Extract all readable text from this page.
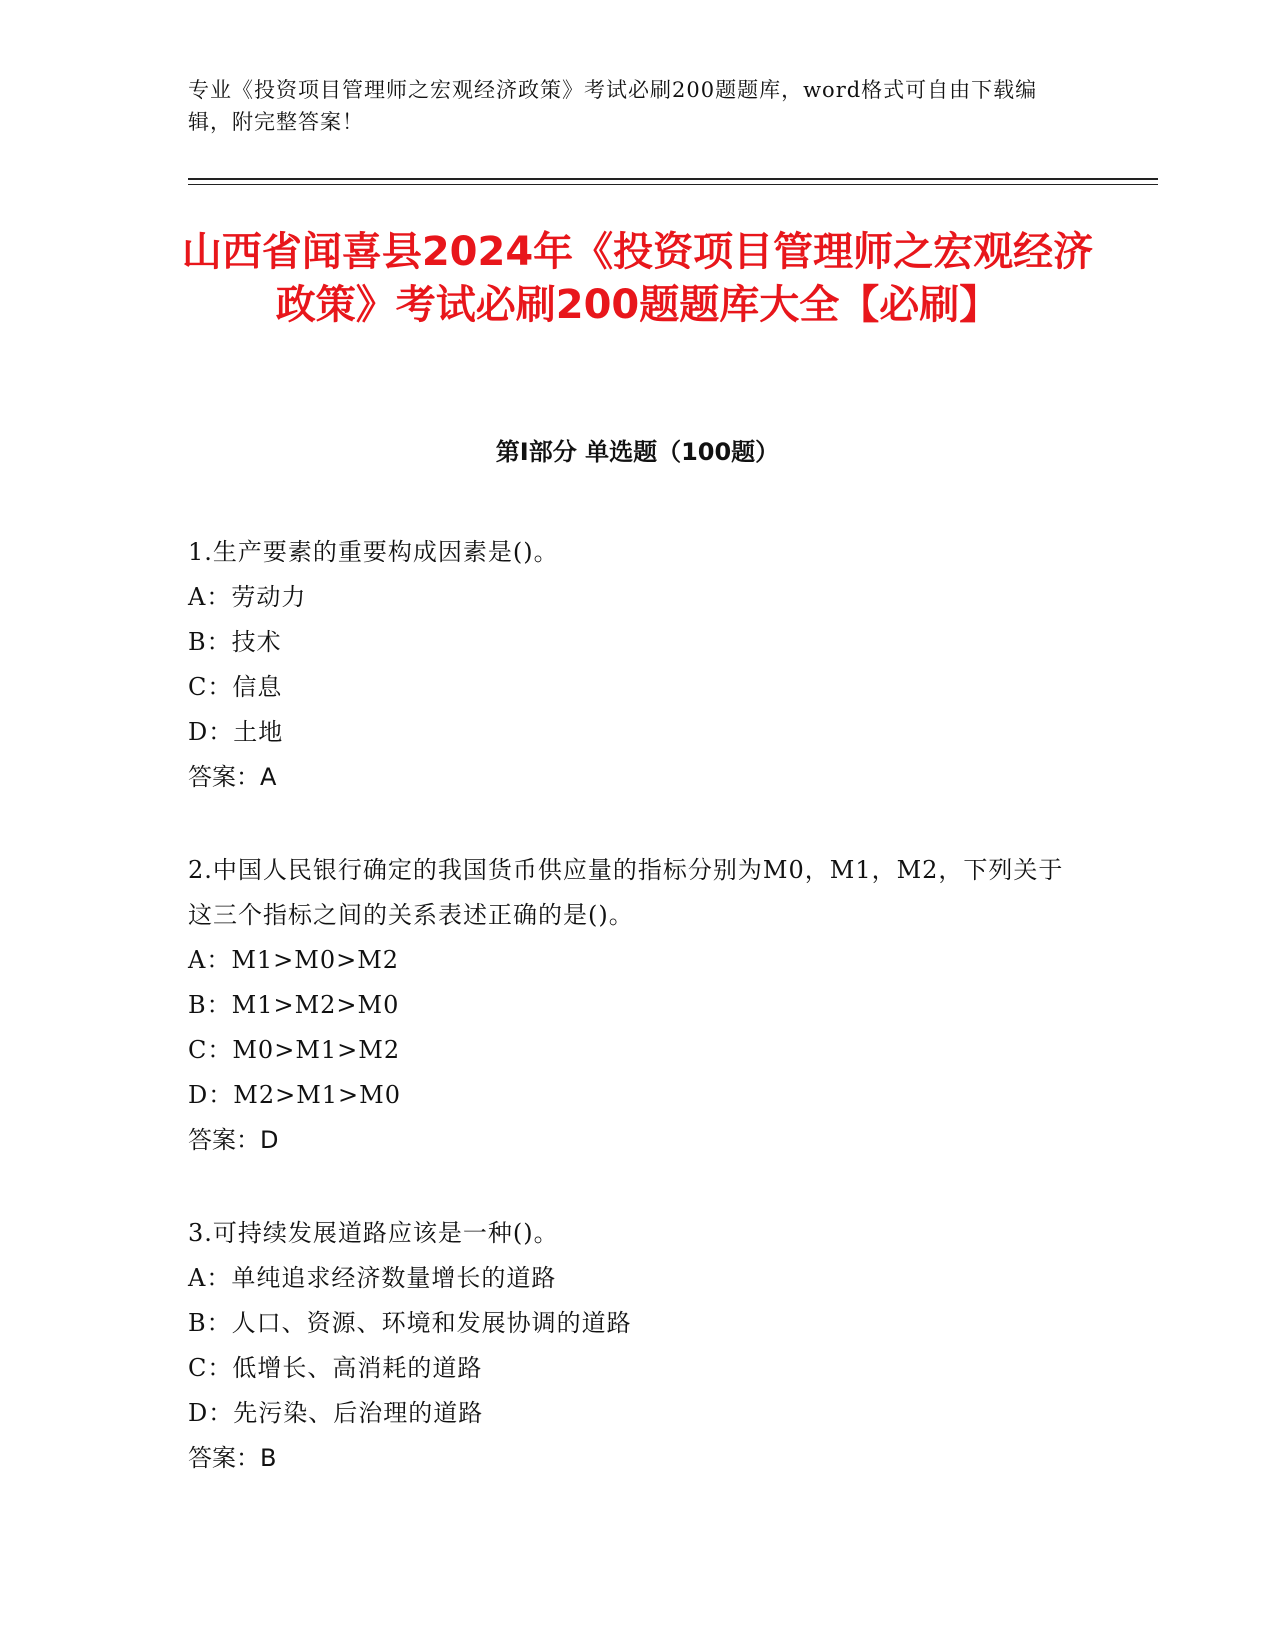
专业《投资项目管理师之宏观经济政策》考试必刷200题题库，word格式可自由下载编辑，附完整答案！
山西省闻喜县2024年《投资项目管理师之宏观经济政策》考试必刷200题题库大全【必刷】
第I部分 单选题（100题）
1.生产要素的重要构成因素是()。
A：劳动力
B：技术
C：信息
D：土地
答案：A
2.中国人民银行确定的我国货币供应量的指标分别为M0，M1，M2，下列关于这三个指标之间的关系表述正确的是()。
A：M1>M0>M2
B：M1>M2>M0
C：M0>M1>M2
D：M2>M1>M0
答案：D
3.可持续发展道路应该是一种()。
A：单纯追求经济数量增长的道路
B：人口、资源、环境和发展协调的道路
C：低增长、高消耗的道路
D：先污染、后治理的道路
答案：B
